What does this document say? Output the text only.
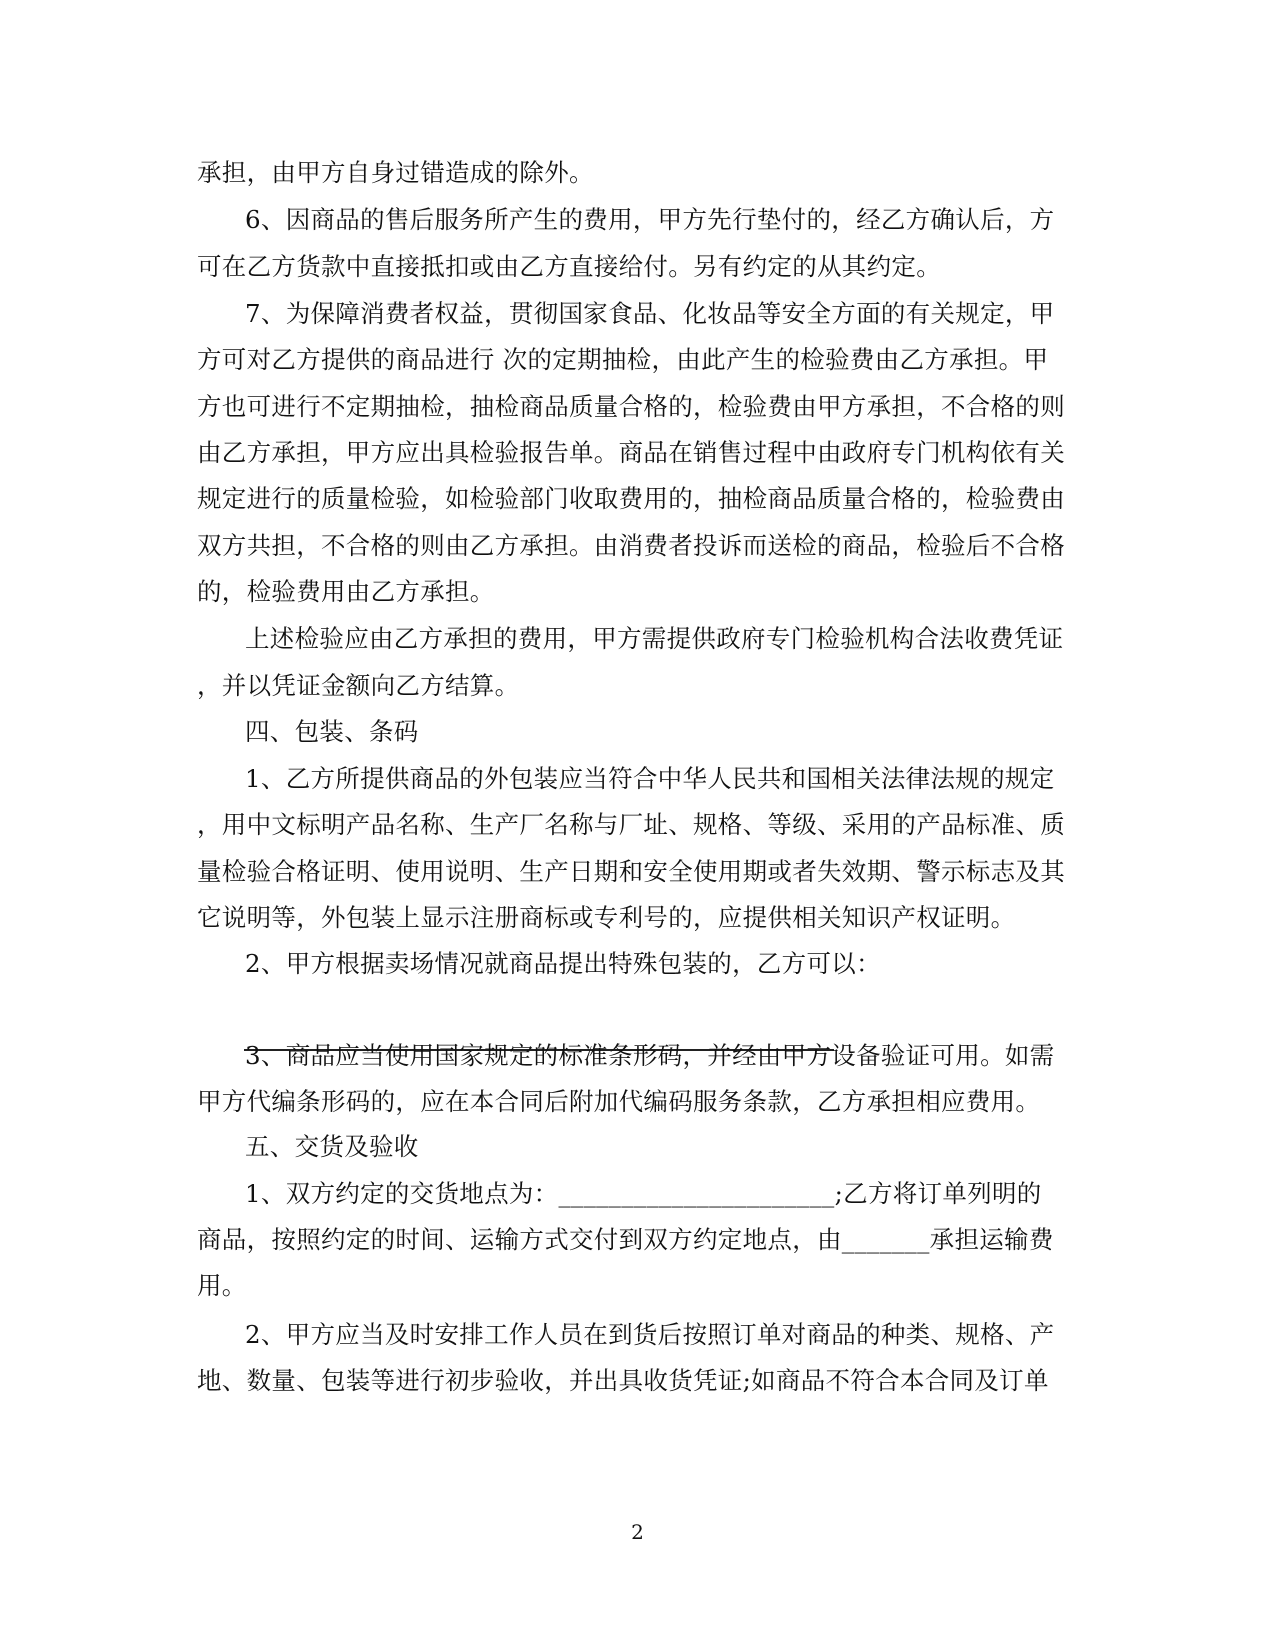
承担，由甲方自身过错造成的除外。
6、因商品的售后服务所产生的费用，甲方先行垫付的，经乙方确认后，方
可在乙方货款中直接抵扣或由乙方直接给付。另有约定的从其约定。
7、为保障消费者权益，贯彻国家食品、化妆品等安全方面的有关规定，甲
方可对乙方提供的商品进行 次的定期抽检，由此产生的检验费由乙方承担。甲
方也可进行不定期抽检，抽检商品质量合格的，检验费由甲方承担，不合格的则
由乙方承担，甲方应出具检验报告单。商品在销售过程中由政府专门机构依有关
规定进行的质量检验，如检验部门收取费用的，抽检商品质量合格的，检验费由
双方共担，不合格的则由乙方承担。由消费者投诉而送检的商品，检验后不合格
的，检验费用由乙方承担。
上述检验应由乙方承担的费用，甲方需提供政府专门检验机构合法收费凭证
，并以凭证金额向乙方结算。
四、包装、条码
1、乙方所提供商品的外包装应当符合中华人民共和国相关法律法规的规定
，用中文标明产品名称、生产厂名称与厂址、规格、等级、采用的产品标准、质
量检验合格证明、使用说明、生产日期和安全使用期或者失效期、警示标志及其
它说明等，外包装上显示注册商标或专利号的，应提供相关知识产权证明。
2、甲方根据卖场情况就商品提出特殊包装的，乙方可以：
3、商品应当使用国家规定的标准条形码，并经由甲方设备验证可用。如需
甲方代编条形码的，应在本合同后附加代编码服务条款，乙方承担相应费用。
五、交货及验收
1、双方约定的交货地点为：______________________;乙方将订单列明的
商品，按照约定的时间、运输方式交付到双方约定地点，由_______承担运输费
用。
2、甲方应当及时安排工作人员在到货后按照订单对商品的种类、规格、产
地、数量、包装等进行初步验收，并出具收货凭证;如商品不符合本合同及订单
2
